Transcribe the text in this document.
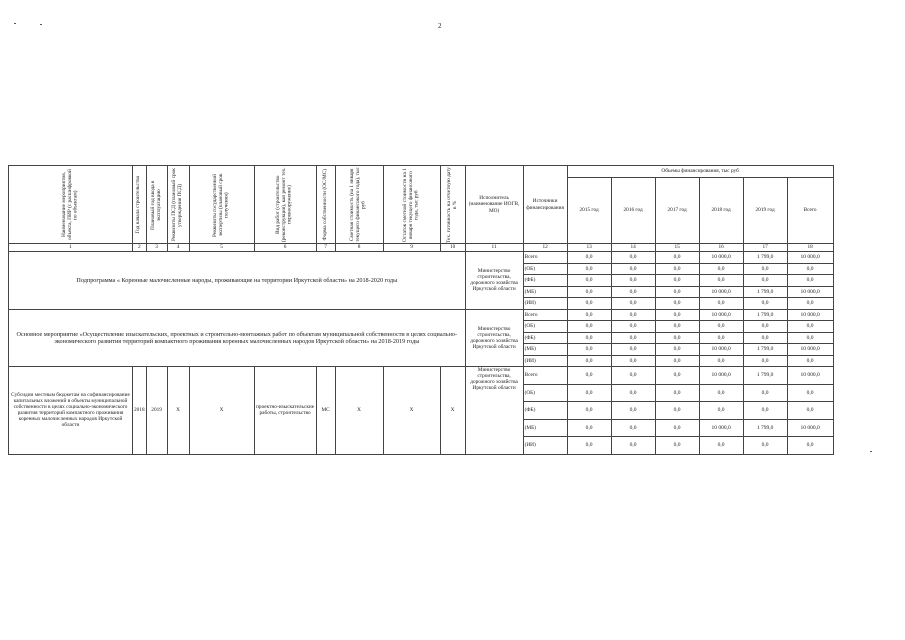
2
Наименование мероприятия, объекта, ПИР (с расшифровкой по объектам)	Год начала строительства	Плановый год ввода в эксплуатацию	Реквизиты ПСД (плановый срок утверждения ПСД)	Реквизиты государственной экспертизы (плановый срок получения)	Вид работ (строительство (реконструкция), кап ремонт тех. перевооружение)	Форма собственности (ОС/МС)	Сметная стоимость (на 1 января текущего финансового года), тыс руб	Остаток сметной стоимости на 1 января текущего финансового года, тыс руб	Тех. готовность на отчетную дату в %	Исполнитель (наименование ИОГВ, МО)	Источники финансирования	Объемы финансирования, тыс руб					
												2015 год	2016 год	2017 год	2018 год	2019 год	Всего
1	2	3	4	5	6	7	8	9	10	11	12	13	14	15	16	17	18
Подпрограмма « Коренные малочисленные народы, проживающие на территории Иркутской области» на 2018-2020 годы										Министерство строительства, дорожного хозяйства Иркутской области	Всего	0,0	0,0	0,0	10 000,0	1 799,0	10 000,0
											(ОБ)	0,0	0,0	0,0	0,0	0,0	0,0
											(ФБ)	0,0	0,0	0,0	0,0	0,0	0,0
											(МБ)	0,0	0,0	0,0	10 000,0	1 799,0	10 000,0
											(ИИ)	0,0	0,0	0,0	0,0	0,0	0,0
Основное мероприятие «Осуществление изыскательских, проектных и строительно-монтажных работ по объектам муниципальной собственности в целях социально-экономического развития территорий компактного проживания коренных малочисленных народов Иркутской области» на 2018-2019 годы										Министерство строительства, дорожного хозяйства Иркутской области	Всего	0,0	0,0	0,0	10 000,0	1 799,0	10 000,0
											(ОБ)	0,0	0,0	0,0	0,0	0,0	0,0
											(ФБ)	0,0	0,0	0,0	0,0	0,0	0,0
											(МБ)	0,0	0,0	0,0	10 000,0	1 799,0	10 000,0
											(ИИ)	0,0	0,0	0,0	0,0	0,0	0,0
Субсидии местным бюджетам на софинансирование капитальных вложений в объекты муниципальной собственности в целях социально-экономического развития территорий компактного проживания коренных малочисленных народов Иркутской области	2018	2019	Х	Х	проектно-изыскательские работы, строительство	МС	Х	Х	Х	Министерство строительства, дорожного хозяйства Иркутской области	Всего	0,0	0,0	0,0	10 000,0	1 799,0	10 000,0
											(ОБ)	0,0	0,0	0,0	0,0	0,0	0,0
											(ФБ)	0,0	0,0	0,0	0,0	0,0	0,0
											(МБ)	0,0	0,0	0,0	10 000,0	1 799,0	10 000,0
											(ИИ)	0,0	0,0	0,0	0,0	0,0	0,0
